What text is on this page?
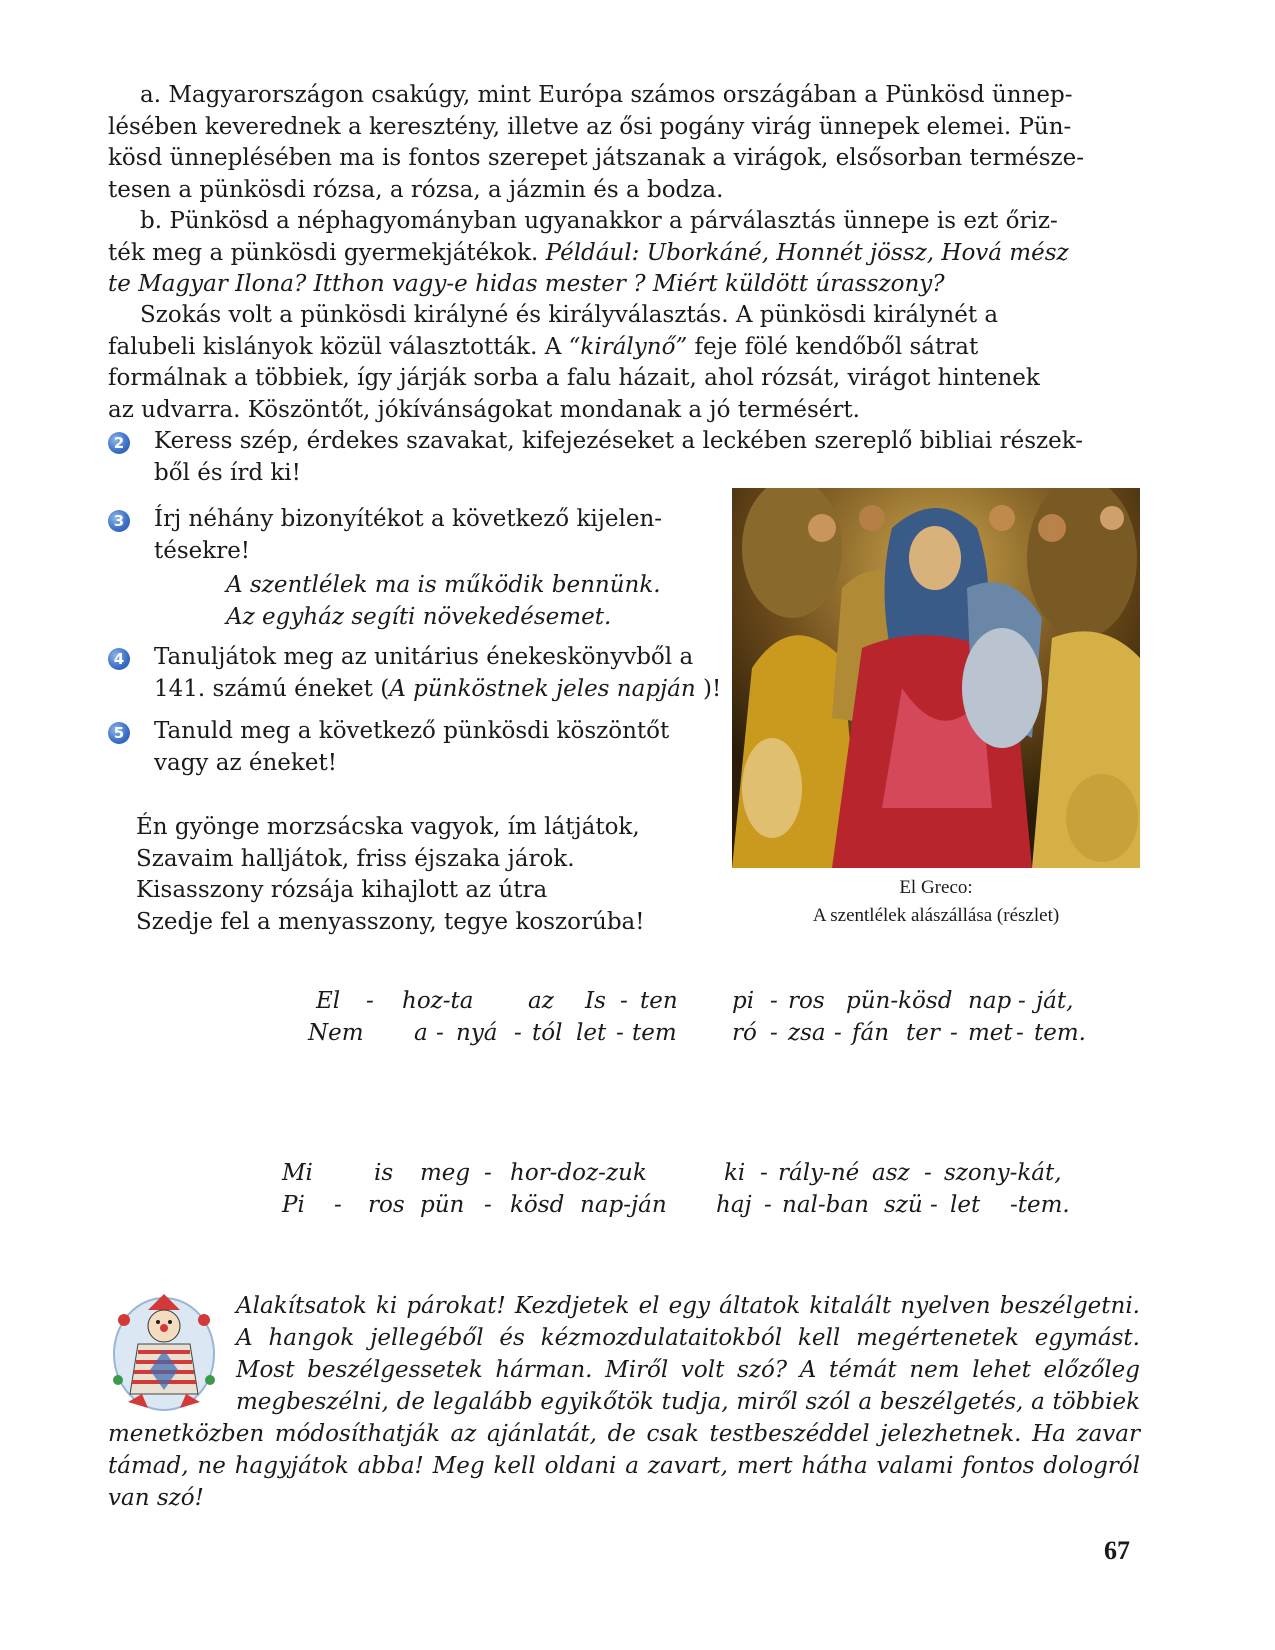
a. Magyarországon csakúgy, mint Európa számos országában a Pünkösd ünnep-
lésében keverednek a keresztény, illetve az ősi pogány virág ünnepek elemei. Pün-
kösd ünneplésében ma is fontos szerepet játszanak a virágok, elsősorban természe-
tesen a pünkösdi rózsa, a rózsa, a jázmin és a bodza.
b. Pünkösd a néphagyományban ugyanakkor a párválasztás ünnepe is ezt őriz-
ték meg a pünkösdi gyermekjátékok. Például: Uborkáné, Honnét jössz, Hová mész
te Magyar Ilona? Itthon vagy-e hidas mester ? Miért küldött úrasszony?
Szokás volt a pünkösdi királyné és királyválasztás. A pünkösdi királynét a
falubeli kislányok közül választották. A “királynő” feje fölé kendőből sátrat
formálnak a többiek, így járják sorba a falu házait, ahol rózsát, virágot hintenek
az udvarra. Köszöntőt, jókívánságokat mondanak a jó termésért.
2 Keress szép, érdekes szavakat, kifejezéseket a leckében szereplő bibliai részek-
ből és írd ki!
3 Írj néhány bizonyítékot a következő kijelen-
tésekre!
A szentlélek ma is működik bennünk.
Az egyház segíti növekedésemet.
4 Tanuljátok meg az unitárius énekeskönyvből a
141. számú éneket (A pünköstnek jeles napján )!
5 Tanuld meg a következő pünkösdi köszöntőt
vagy az éneket!
Én gyönge morzsácska vagyok, ím látjátok,
Szavaim halljátok, friss éjszaka járok.
Kisasszony rózsája kihajlott az útra
Szedje fel a menyasszony, tegye koszorúba!
El Greco:
A szentlélek alászállása (részlet)
El - hoz-ta az Is - ten pi - ros pün-kösd nap - ját,
Nem a - nyá - tól let - tem ró - zsa - fán ter - met - tem.
Mi	is meg - hor-doz-zuk	ki - rály-né asz - szony-kát,
Pi - ros pün - kösd nap-ján haj - nal-ban szü - let -tem.
Alakítsatok ki párokat! Kezdjetek el egy áltatok kitalált nyelven beszélgetni. A hangok jellegéből és kézmozdulataitokból kell megértenetek egymást. Most beszélgessetek hárman. Miről volt szó? A témát nem lehet előzőleg megbeszélni, de legalább egyikőtök tudja, miről szól a beszélgetés, a többiek menetközben módosíthatják az ajánlatát, de csak testbeszéddel jelezhetnek. Ha zavar támad, ne hagyjátok abba! Meg kell oldani a zavart, mert hátha valami fontos dologról van szó!
67
